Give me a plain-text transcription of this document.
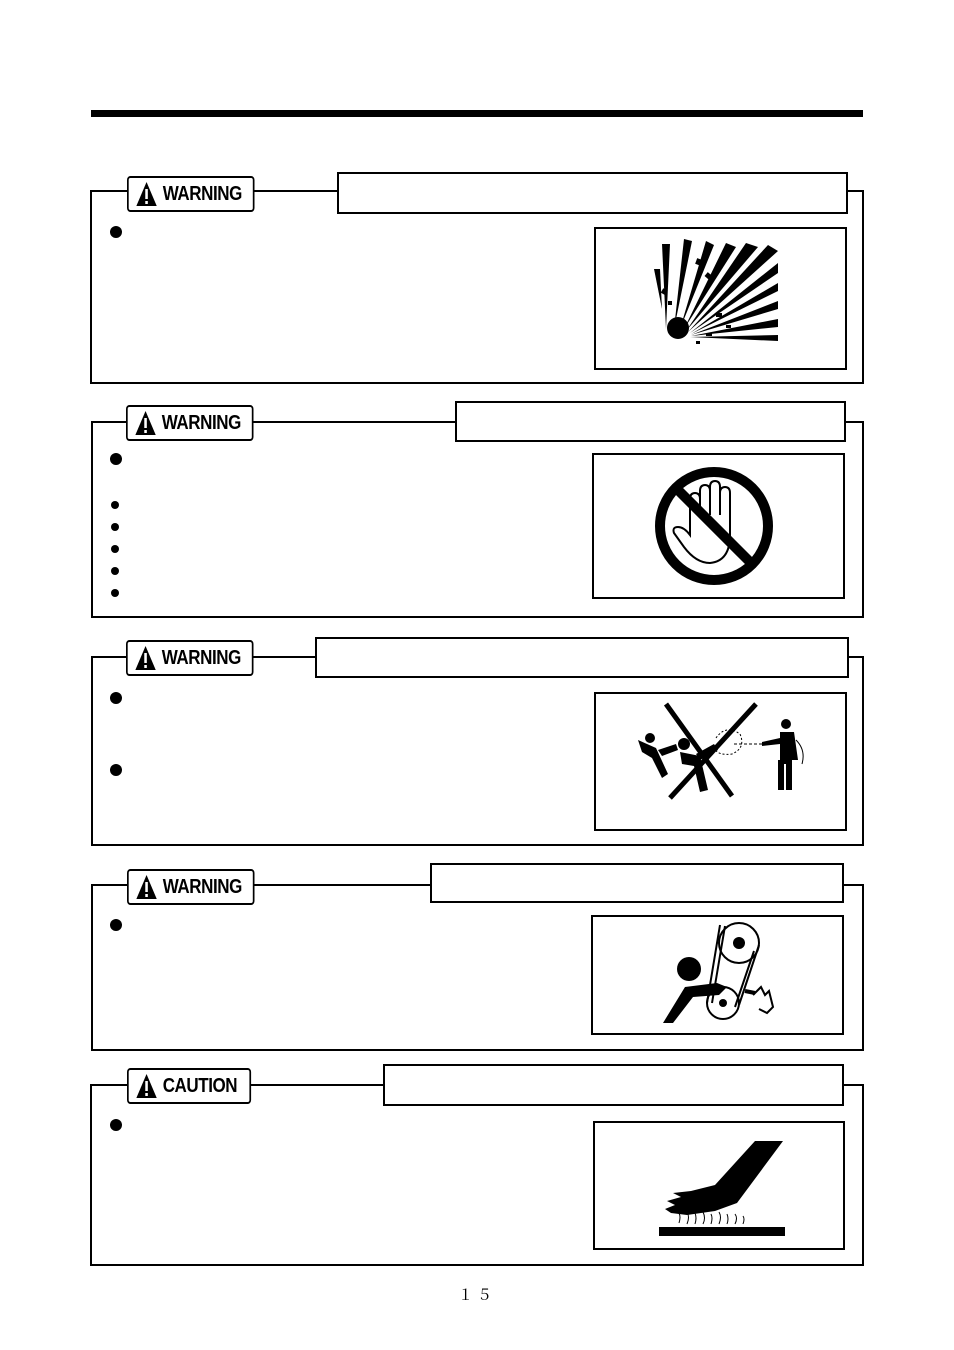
WARNING
WARNING
WARNING
WARNING
CAUTION
１５
